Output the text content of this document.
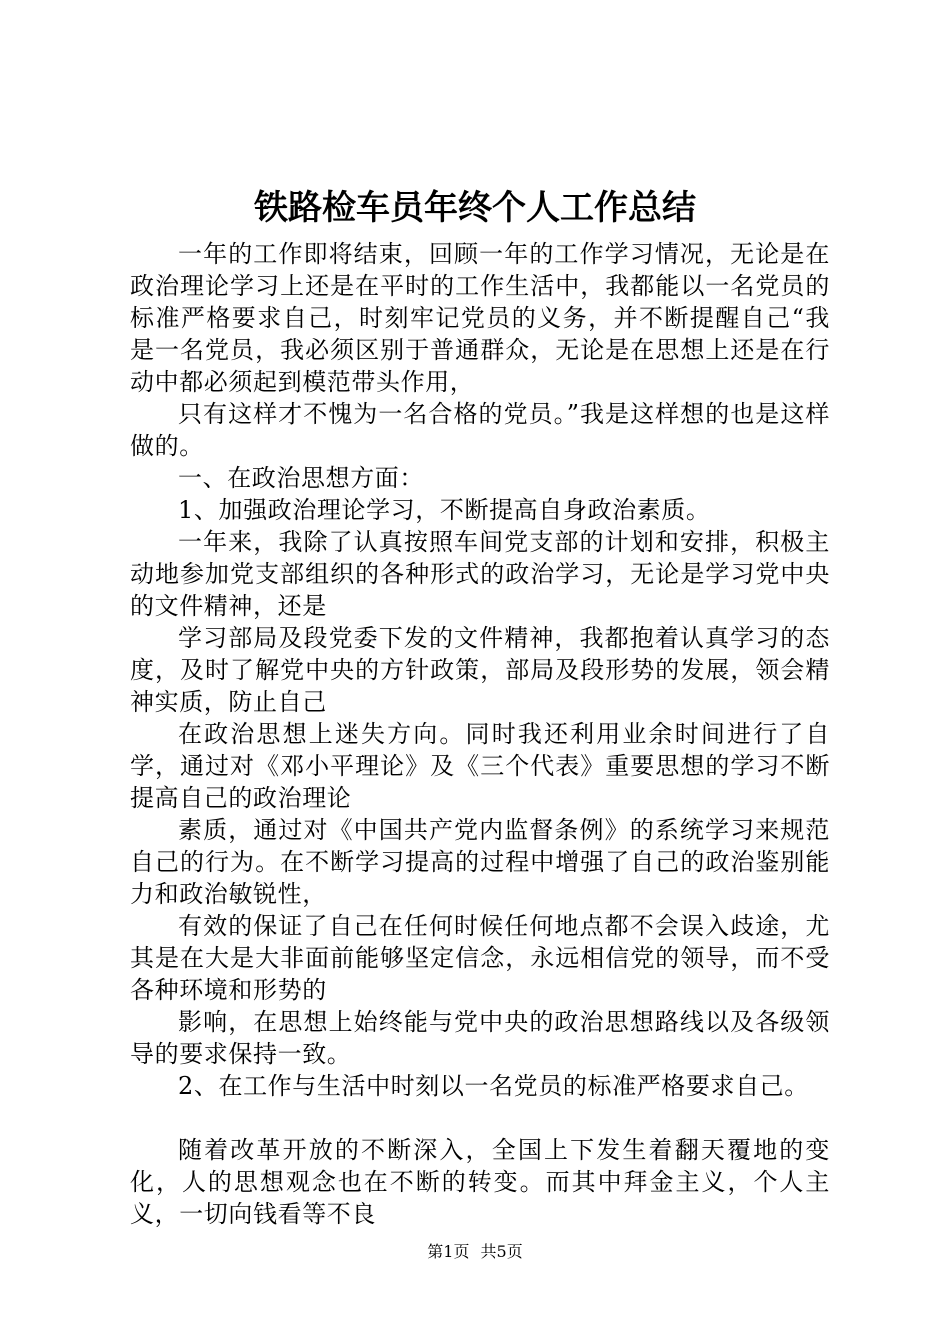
铁路检车员年终个人工作总结

一年的工作即将结束，回顾一年的工作学习情况，无论是在政治理论学习上还是在平时的工作生活中，我都能以一名党员的标准严格要求自己，时刻牢记党员的义务，并不断提醒自己“我是一名党员，我必须区别于普通群众，无论是在思想上还是在行动中都必须起到模范带头作用，

只有这样才不愧为一名合格的党员。”我是这样想的也是这样做的。

一、在政治思想方面：

1、加强政治理论学习，不断提高自身政治素质。

一年来，我除了认真按照车间党支部的计划和安排，积极主动地参加党支部组织的各种形式的政治学习，无论是学习党中央的文件精神，还是

学习部局及段党委下发的文件精神，我都抱着认真学习的态度，及时了解党中央的方针政策，部局及段形势的发展，领会精神实质，防止自己

在政治思想上迷失方向。同时我还利用业余时间进行了自学，通过对《邓小平理论》及《三个代表》重要思想的学习不断提高自己的政治理论

素质，通过对《中国共产党内监督条例》的系统学习来规范自己的行为。在不断学习提高的过程中增强了自己的政治鉴别能力和政治敏锐性，

有效的保证了自己在任何时候任何地点都不会误入歧途，尤其是在大是大非面前能够坚定信念，永远相信党的领导，而不受各种环境和形势的

影响，在思想上始终能与党中央的政治思想路线以及各级领导的要求保持一致。

2、在工作与生活中时刻以一名党员的标准严格要求自己。

随着改革开放的不断深入，全国上下发生着翻天覆地的变化，人的思想观念也在不断的转变。而其中拜金主义，个人主义，一切向钱看等不良

第1页 共5页
